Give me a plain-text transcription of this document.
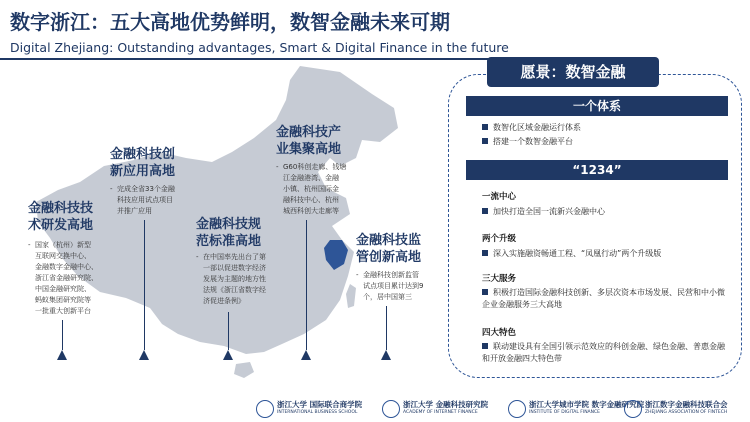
数字浙江：五大高地优势鲜明，数智金融未来可期
Digital Zhejiang: Outstanding advantages, Smart & Digital Finance in the future
金融科技技
术研发高地
- 国家（杭州）新型
互联网交换中心、
金融数字金融中心、
浙江省金融研究院、
中国金融研究院、
蚂蚁集团研究院等
一批重大创新平台
金融科技创
新应用高地
- 完成全省33个金融
科技应用试点项目
并推广应用
金融科技规
范标准高地
- 在中国率先出台了第
一部以促进数字经济
发展为主题的地方性
法规《浙江省数字经
济促进条例》
金融科技产
业集聚高地
- G60科创走廊、钱塘
江金融港湾、金融
小镇、杭州国际金
融科技中心、杭州
城西科创大走廊等
金融科技监
管创新高地
- 金融科技创新监管
试点项目累计达到9
个，居中国第三
愿景：数智金融
一个体系
数智化区域金融运行体系
搭建一个数智金融平台
“1234”
一流中心
加快打造全国一流新兴金融中心
两个升级
深入实施融资畅通工程、“凤凰行动”两个升级版
三大服务
积极打造国际金融科技创新、多层次资本市场发展、民营和中小微企业金融服务三大高地
四大特色
联动建设具有全国引领示范效应的科创金融、绿色金融、普惠金融和开放金融四大特色带
浙江大学 国际联合商学院
INTERNATIONAL BUSINESS SCHOOL
浙江大学 金融科技研究院
ACADEMY OF INTERNET FINANCE
浙江大学城市学院 数字金融研究院
INSTITUTE OF DIGITAL FINANCE
浙江数字金融科技联合会
ZHEJIANG ASSOCIATION OF FINTECH
